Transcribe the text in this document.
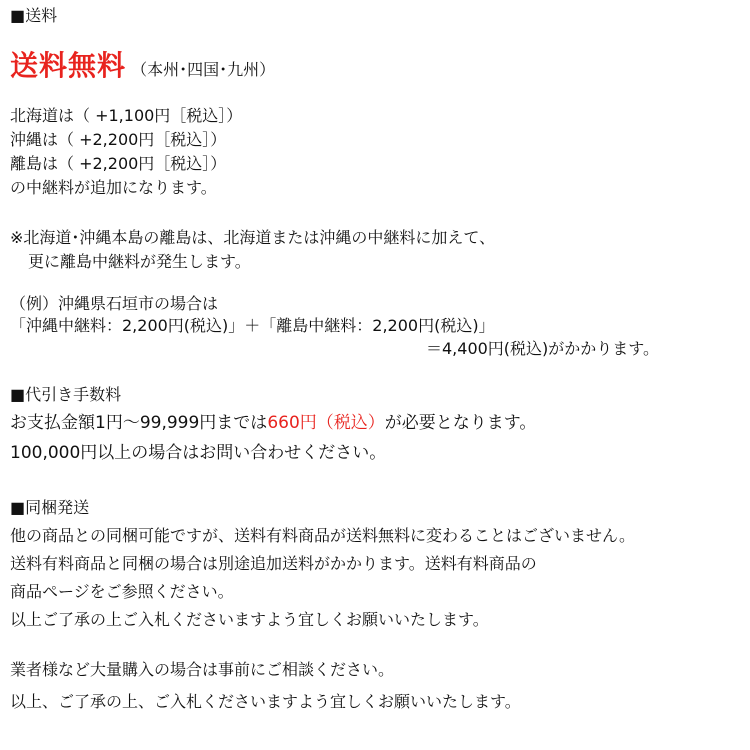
■送料
送料無料 （本州･四国･九州）
北海道は（ +1,100円［税込］）
沖縄は（ +2,200円［税込］）
離島は（ +2,200円［税込］）
の中継料が追加になります。
※北海道･沖縄本島の離島は、北海道または沖縄の中継料に加えて、
更に離島中継料が発生します。
（例）沖縄県石垣市の場合は
「沖縄中継料：2,200円(税込)」＋「離島中継料：2,200円(税込)」
＝4,400円(税込)がかかります。
■代引き手数料
お支払金額1円〜99,999円までは660円（税込）が必要となります。
100,000円以上の場合はお問い合わせください。
■同梱発送
他の商品との同梱可能ですが、送料有料商品が送料無料に変わることはございません。
送料有料商品と同梱の場合は別途追加送料がかかります。送料有料商品の
商品ページをご参照ください。
以上ご了承の上ご入札くださいますよう宜しくお願いいたします。
業者様など大量購入の場合は事前にご相談ください。
以上、ご了承の上、ご入札くださいますよう宜しくお願いいたします。
